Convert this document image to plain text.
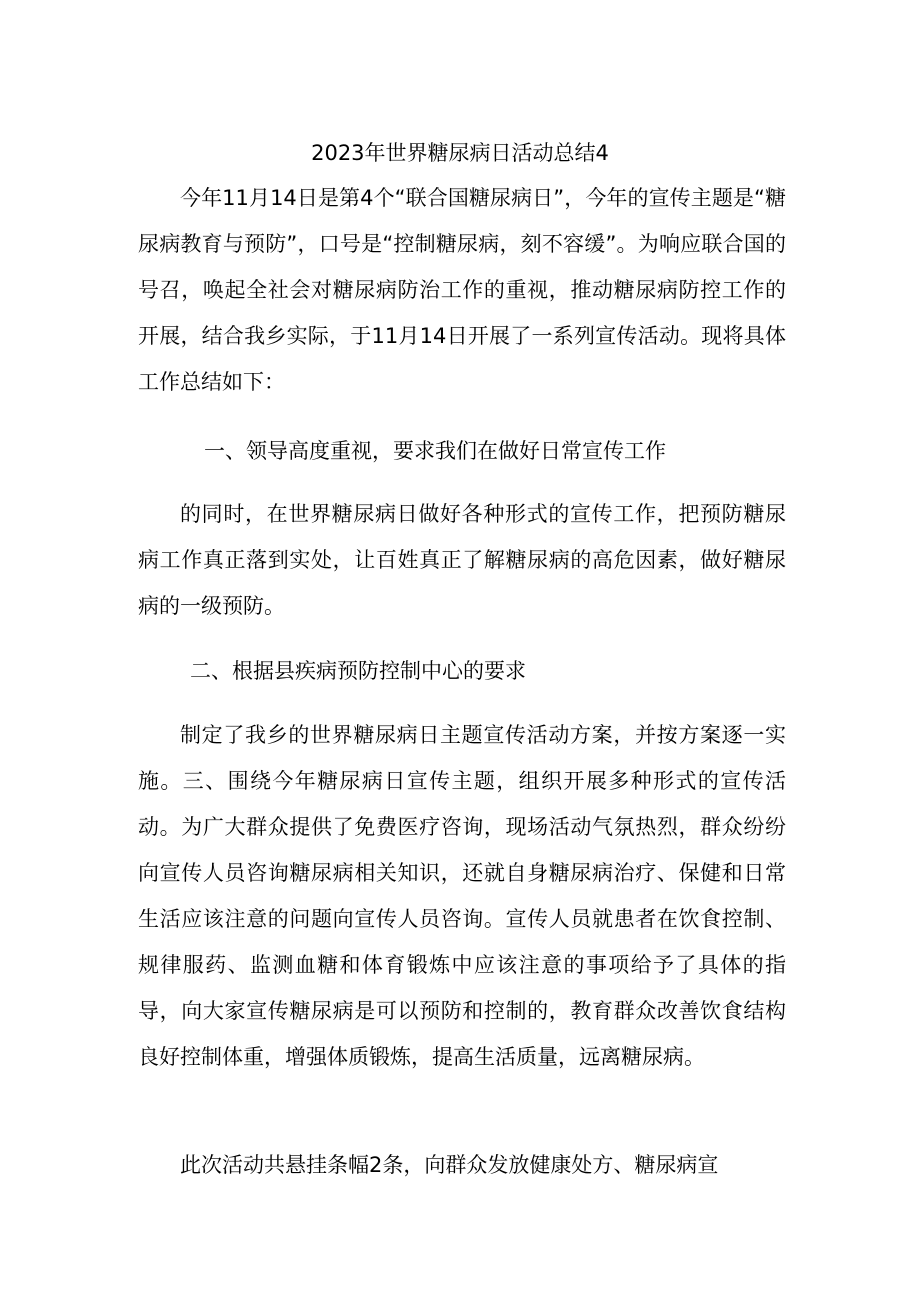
2023年世界糖尿病日活动总结4

今年11月14日是第4个“联合国糖尿病日”，今年的宣传主题是“糖尿病教育与预防”，口号是“控制糖尿病，刻不容缓”。为响应联合国的号召，唤起全社会对糖尿病防治工作的重视，推动糖尿病防控工作的开展，结合我乡实际，于11月14日开展了一系列宣传活动。现将具体工作总结如下：

一、领导高度重视，要求我们在做好日常宣传工作

的同时，在世界糖尿病日做好各种形式的宣传工作，把预防糖尿病工作真正落到实处，让百姓真正了解糖尿病的高危因素，做好糖尿病的一级预防。

二、根据县疾病预防控制中心的要求

制定了我乡的世界糖尿病日主题宣传活动方案，并按方案逐一实施。三、围绕今年糖尿病日宣传主题，组织开展多种形式的宣传活动。为广大群众提供了免费医疗咨询，现场活动气氛热烈，群众纷纷向宣传人员咨询糖尿病相关知识，还就自身糖尿病治疗、保健和日常生活应该注意的问题向宣传人员咨询。宣传人员就患者在饮食控制、规律服药、监测血糖和体育锻炼中应该注意的事项给予了具体的指导，向大家宣传糖尿病是可以预防和控制的，教育群众改善饮食结构良好控制体重，增强体质锻炼，提高生活质量，远离糖尿病。

此次活动共悬挂条幅2条，向群众发放健康处方、糖尿病宣
